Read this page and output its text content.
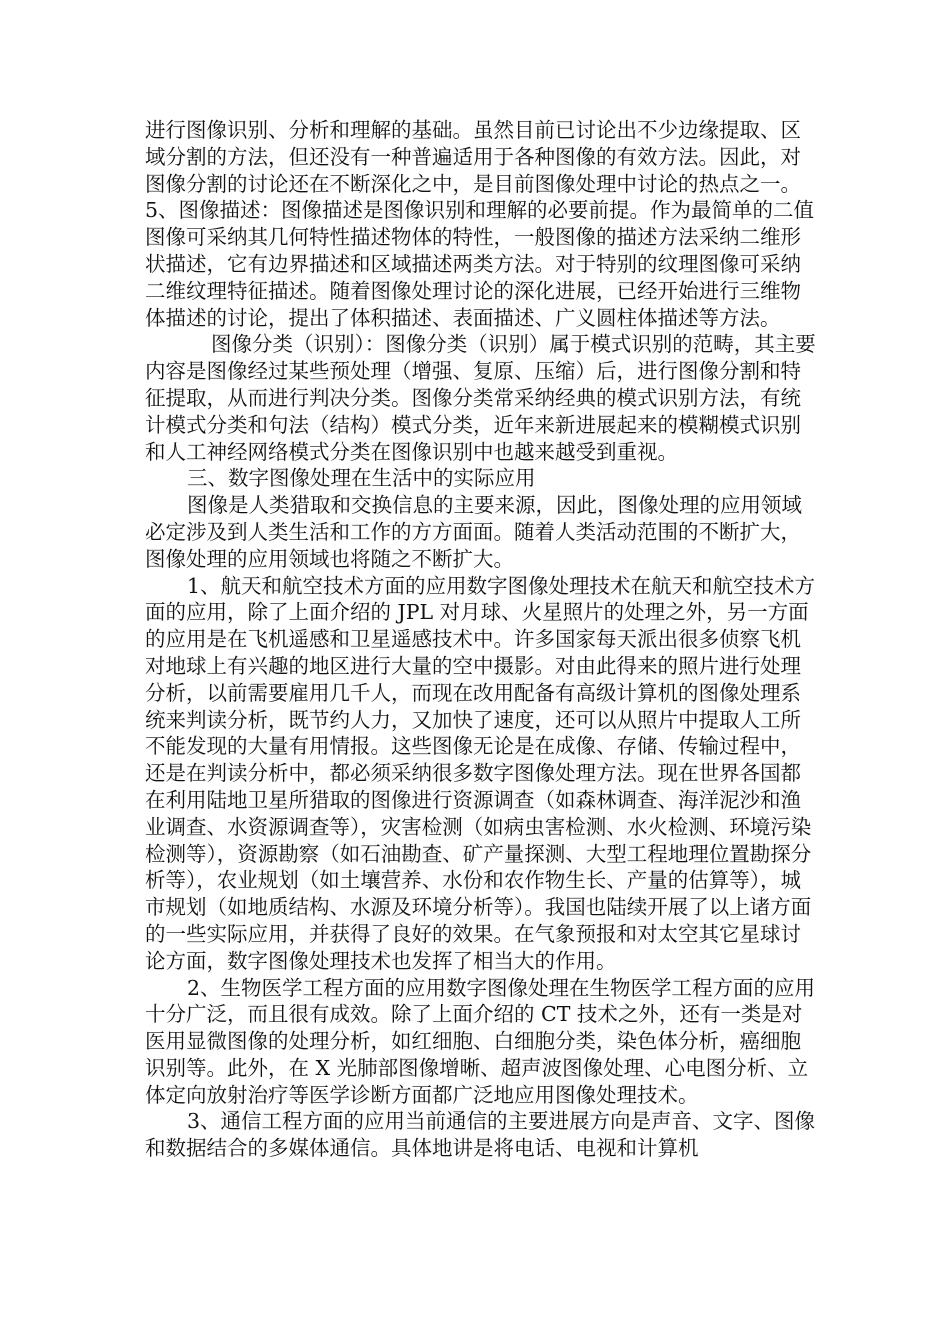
进行图像识别、分析和理解的基础。虽然目前已讨论出不少边缘提取、区域分割的方法，但还没有一种普遍适用于各种图像的有效方法。因此，对图像分割的讨论还在不断深化之中，是目前图像处理中讨论的热点之一。5、图像描述：图像描述是图像识别和理解的必要前提。作为最简单的二值图像可采纳其几何特性描述物体的特性，一般图像的描述方法采纳二维形状描述，它有边界描述和区域描述两类方法。对于特别的纹理图像可采纳二维纹理特征描述。随着图像处理讨论的深化进展，已经开始进行三维物体描述的讨论，提出了体积描述、表面描述、广义圆柱体描述等方法。

图像分类（识别）：图像分类（识别）属于模式识别的范畴，其主要内容是图像经过某些预处理（增强、复原、压缩）后，进行图像分割和特征提取，从而进行判决分类。图像分类常采纳经典的模式识别方法，有统计模式分类和句法（结构）模式分类，近年来新进展起来的模糊模式识别和人工神经网络模式分类在图像识别中也越来越受到重视。

三、数字图像处理在生活中的实际应用

图像是人类猎取和交换信息的主要来源，因此，图像处理的应用领域必定涉及到人类生活和工作的方方面面。随着人类活动范围的不断扩大，图像处理的应用领域也将随之不断扩大。

1、航天和航空技术方面的应用数字图像处理技术在航天和航空技术方面的应用，除了上面介绍的 JPL 对月球、火星照片的处理之外，另一方面的应用是在飞机遥感和卫星遥感技术中。许多国家每天派出很多侦察飞机对地球上有兴趣的地区进行大量的空中摄影。对由此得来的照片进行处理分析，以前需要雇用几千人，而现在改用配备有高级计算机的图像处理系统来判读分析，既节约人力，又加快了速度，还可以从照片中提取人工所不能发现的大量有用情报。这些图像无论是在成像、存储、传输过程中，还是在判读分析中，都必须采纳很多数字图像处理方法。现在世界各国都在利用陆地卫星所猎取的图像进行资源调查（如森林调查、海洋泥沙和渔业调查、水资源调查等），灾害检测（如病虫害检测、水火检测、环境污染检测等），资源勘察（如石油勘查、矿产量探测、大型工程地理位置勘探分析等），农业规划（如土壤营养、水份和农作物生长、产量的估算等），城市规划（如地质结构、水源及环境分析等）。我国也陆续开展了以上诸方面的一些实际应用，并获得了良好的效果。在气象预报和对太空其它星球讨论方面，数字图像处理技术也发挥了相当大的作用。

2、生物医学工程方面的应用数字图像处理在生物医学工程方面的应用十分广泛，而且很有成效。除了上面介绍的 CT 技术之外，还有一类是对医用显微图像的处理分析，如红细胞、白细胞分类，染色体分析，癌细胞识别等。此外，在 X 光肺部图像增晰、超声波图像处理、心电图分析、立体定向放射治疗等医学诊断方面都广泛地应用图像处理技术。

3、通信工程方面的应用当前通信的主要进展方向是声音、文字、图像和数据结合的多媒体通信。具体地讲是将电话、电视和计算机
